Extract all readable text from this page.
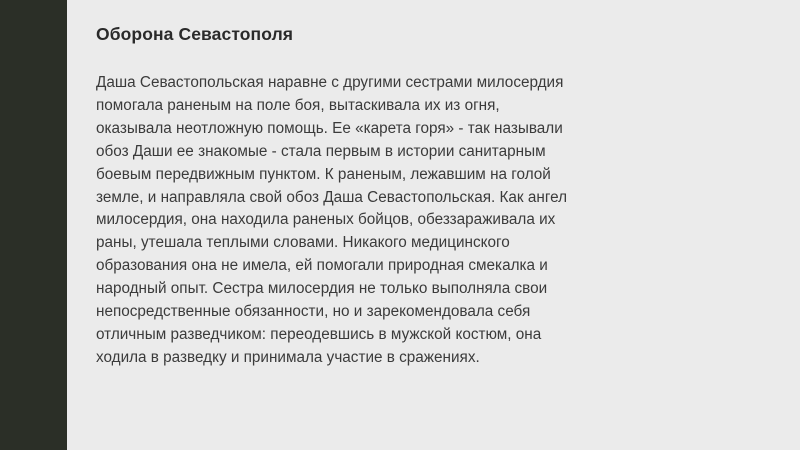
Оборона Севастополя
Даша Севастопольская наравне с другими сестрами милосердия
помогала раненым на поле боя, вытаскивала их из огня,
оказывала неотложную помощь. Ее «карета горя» - так называли
обоз Даши ее знакомые - стала первым в истории санитарным
боевым передвижным пунктом. К раненым, лежавшим на голой
земле, и направляла свой обоз Даша Севастопольская. Как ангел
милосердия, она находила раненых бойцов, обеззараживала их
раны, утешала теплыми словами. Никакого медицинского
образования она не имела, ей помогали природная смекалка и
народный опыт. Сестра милосердия не только выполняла свои
непосредственные обязанности, но и зарекомендовала себя
отличным разведчиком: переодевшись в мужской костюм, она
ходила в разведку и принимала участие в сражениях.
